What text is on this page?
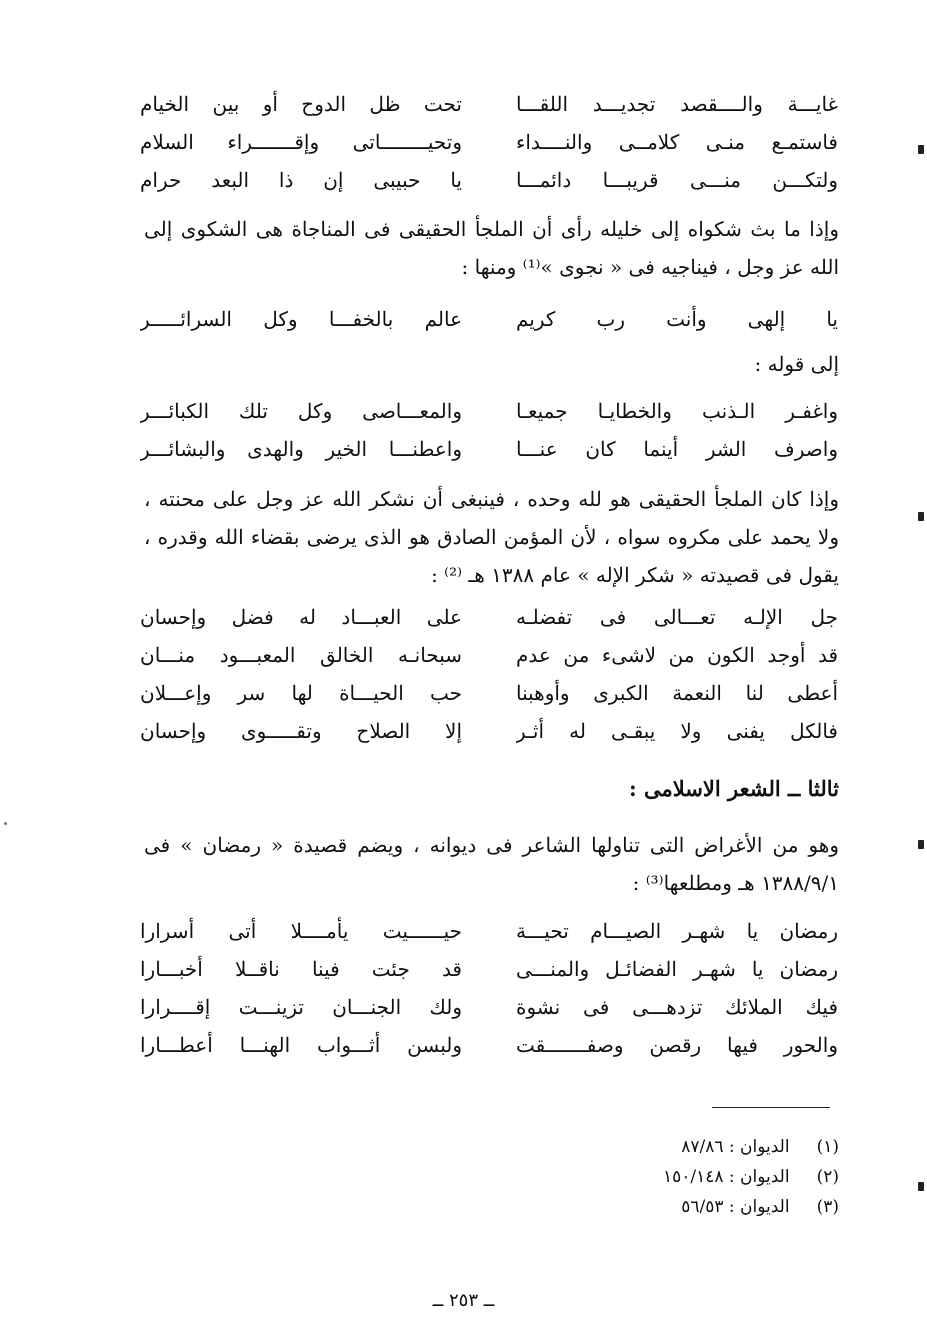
غايـــة والــــقصد تجديـــد اللقـــا
تحت ظل الدوح أو بين الخيام
فاستمـع منـى كلامــى والنــــداء
وتحيــــــــاتى وإقـــــــراء السلام
ولتكـــن منـــى قريبـــا دائمـــا
يا حبيبى إن ذا البعد حرام
وإذا ما بث شكواه إلى خليله رأى أن الملجأ الحقيقى فى المناجاة هى الشكوى إلى الله عز وجل ، فيناجيه فى « نجوى »⁽¹⁾ ومنها :
يا إلهى وأنت رب كريم
عالم بالخفـــا وكل السرائـــــر
إلى قوله :
واغفـر الـذنب والخطايـا جميعـا
والمعـــاصى وكل تلك الكبائـــر
واصرف الشر أينما كان عنـــا
واعطنـــا الخير والهدى والبشائـــر
وإذا كان الملجأ الحقيقى هو لله وحده ، فينبغى أن نشكر الله عز وجل على محنته ، ولا يحمد على مكروه سواه ، لأن المؤمن الصادق هو الذى يرضى بقضاء الله وقدره ، يقول فى قصيدته « شكر الإله » عام ١٣٨٨ هـ ⁽²⁾ :
جل الإلـه تعـــالى فى تفضلـه
على العبـــاد له فضل وإحسان
قد أوجد الكون من لاشىء من عدم
سبحانـه الخالق المعبـــود منـــان
أعطى لنا النعمة الكبرى وأوهبنا
حب الحيـــاة لها سر وإعـــلان
فالكل يفنى ولا يبقـى له أثـر
إلا الصلاح وتقـــــوى وإحسان
ثالثا ــ الشعر الاسلامى :
وهو من الأغراض التى تناولها الشاعر فى ديوانه ، ويضم قصيدة « رمضان » فى ١٣٨٨/٩/١ هـ ومطلعها⁽³⁾ :
رمضان يا شهـر الصيـــام تحيـــة
حيــــــيت يأمــــلا أتى أسرارا
رمضان يا شهـر الفضائـل والمنـــى
قد جئت فينا ناقــلا أخبـــارا
فيك الملائك تزدهـــى فى نشوة
ولك الجنـــان تزينـــت إقــــرارا
والحور فيها رقصن وصفـــــــقت
ولبسن أثـــواب الهنـــا أعطـــارا
(١) الديوان : ٨٧/٨٦
(٢) الديوان : ١٥٠/١٤٨
(٣) الديوان : ٥٦/٥٣
ــ ٢٥٣ ــ
